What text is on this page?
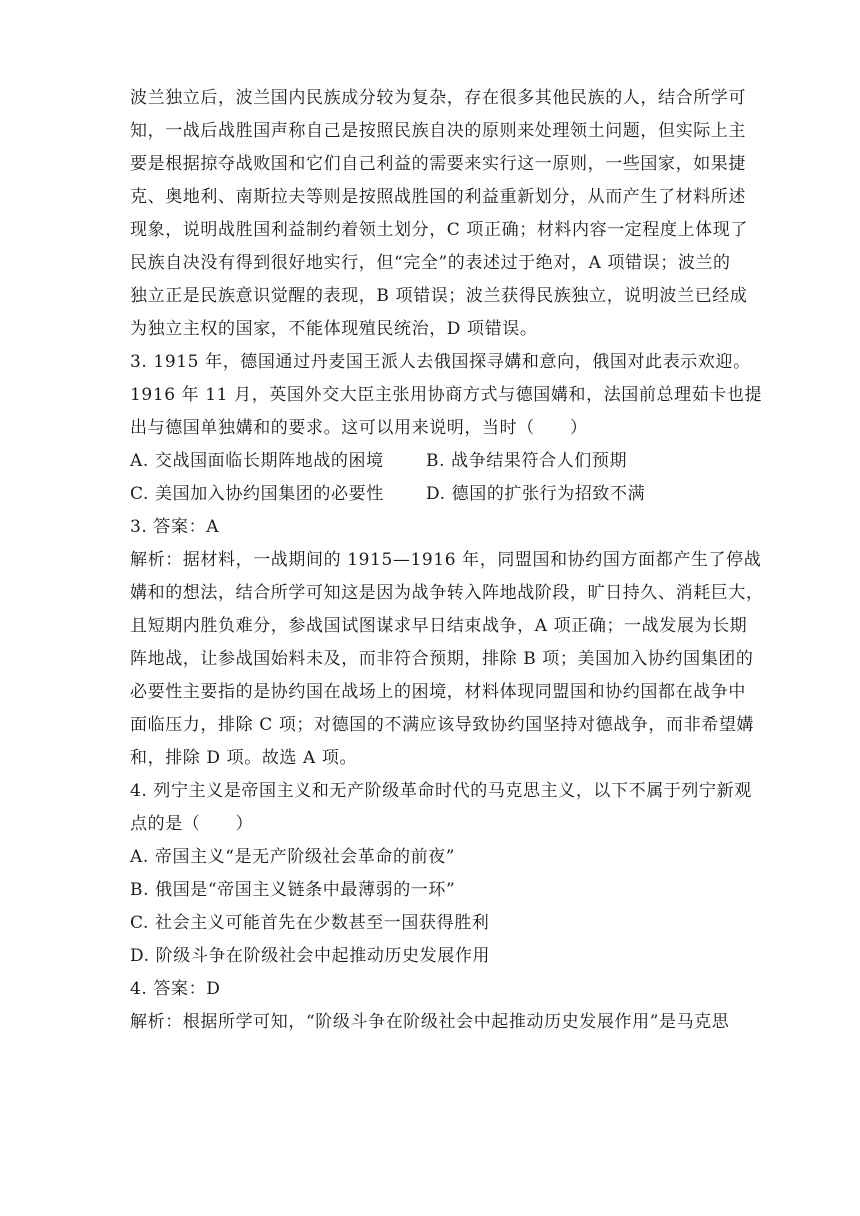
波兰独立后，波兰国内民族成分较为复杂，存在很多其他民族的人，结合所学可
知，一战后战胜国声称自己是按照民族自决的原则来处理领土问题，但实际上主
要是根据掠夺战败国和它们自己利益的需要来实行这一原则，一些国家，如果捷
克、奥地利、南斯拉夫等则是按照战胜国的利益重新划分，从而产生了材料所述
现象，说明战胜国利益制约着领土划分，C 项正确；材料内容一定程度上体现了
民族自决没有得到很好地实行，但“完全”的表述过于绝对，A 项错误；波兰的
独立正是民族意识觉醒的表现，B 项错误；波兰获得民族独立，说明波兰已经成
为独立主权的国家，不能体现殖民统治，D 项错误。
3. 1915 年，德国通过丹麦国王派人去俄国探寻媾和意向，俄国对此表示欢迎。
1916 年 11 月，英国外交大臣主张用协商方式与德国媾和，法国前总理茹卡也提
出与德国单独媾和的要求。这可以用来说明，当时（　　）
A. 交战国面临长期阵地战的困境	B. 战争结果符合人们预期
C. 美国加入协约国集团的必要性	D. 德国的扩张行为招致不满
3. 答案：A
解析：据材料，一战期间的 1915—1916 年，同盟国和协约国方面都产生了停战
媾和的想法，结合所学可知这是因为战争转入阵地战阶段，旷日持久、消耗巨大，
且短期内胜负难分，参战国试图谋求早日结束战争，A 项正确；一战发展为长期
阵地战，让参战国始料未及，而非符合预期，排除 B 项；美国加入协约国集团的
必要性主要指的是协约国在战场上的困境，材料体现同盟国和协约国都在战争中
面临压力，排除 C 项；对德国的不满应该导致协约国坚持对德战争，而非希望媾
和，排除 D 项。故选 A 项。
4. 列宁主义是帝国主义和无产阶级革命时代的马克思主义，以下不属于列宁新观
点的是（　　）
A. 帝国主义“是无产阶级社会革命的前夜”
B. 俄国是“帝国主义链条中最薄弱的一环”
C. 社会主义可能首先在少数甚至一国获得胜利
D. 阶级斗争在阶级社会中起推动历史发展作用
4. 答案：D
解析：根据所学可知，“阶级斗争在阶级社会中起推动历史发展作用”是马克思
